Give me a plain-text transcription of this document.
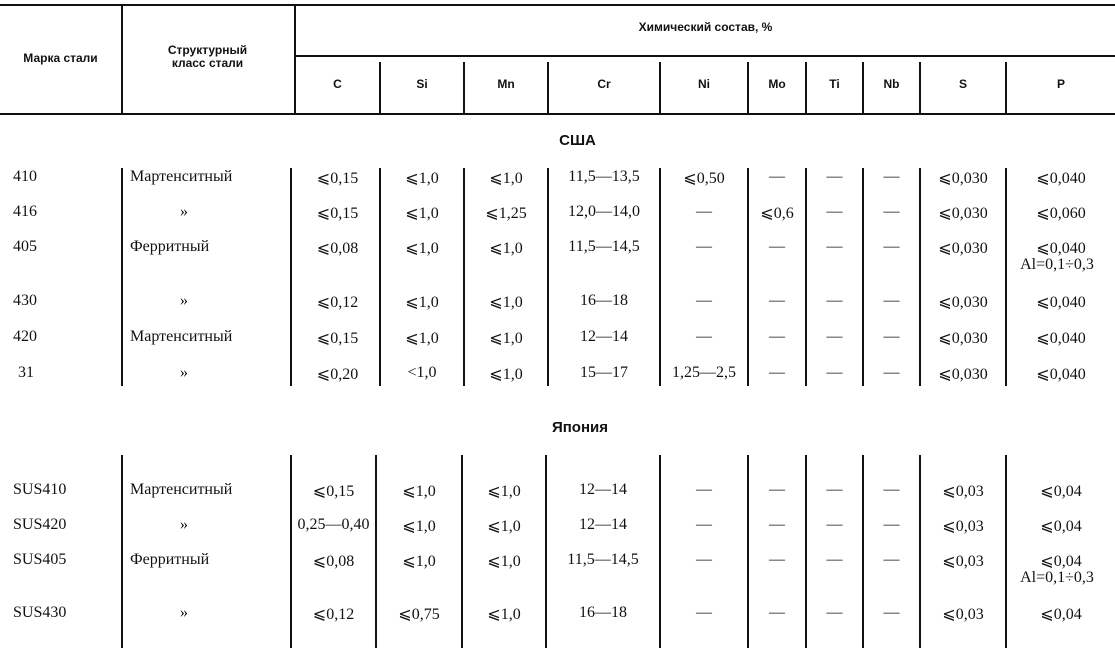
Марка стали
Структурный класс стали
Химический состав, %
C	Si	Mn	Cr	Ni	Mo	Ti	Nb	S	P
США
Япония
410	Мартенситный	⩽0,15	⩽1,0	⩽1,0	11,5—13,5	⩽0,50	—	—	—	⩽0,030	⩽0,040
416	»	⩽0,15	⩽1,0	⩽1,25	12,0—14,0	—	⩽0,6	—	—	⩽0,030	⩽0,060
405	Ферритный	⩽0,08	⩽1,0	⩽1,0	11,5—14,5	—	—	—	—	⩽0,030	⩽0,040
Al=0,1÷0,3
430	»	⩽0,12	⩽1,0	⩽1,0	16—18	—	—	—	—	⩽0,030	⩽0,040
420	Мартенситный	⩽0,15	⩽1,0	⩽1,0	12—14	—	—	—	—	⩽0,030	⩽0,040
31	»	⩽0,20	<1,0	⩽1,0	15—17	1,25—2,5	—	—	—	⩽0,030	⩽0,040
SUS410	Мартенситный	⩽0,15	⩽1,0	⩽1,0	12—14	—	—	—	—	⩽0,03	⩽0,04
SUS420	»	0,25—0,40	⩽1,0	⩽1,0	12—14	—	—	—	—	⩽0,03	⩽0,04
SUS405	Ферритный	⩽0,08	⩽1,0	⩽1,0	11,5—14,5	—	—	—	—	⩽0,03	⩽0,04
Al=0,1÷0,3
SUS430	»	⩽0,12	⩽0,75	⩽1,0	16—18	—	—	—	—	⩽0,03	⩽0,04
